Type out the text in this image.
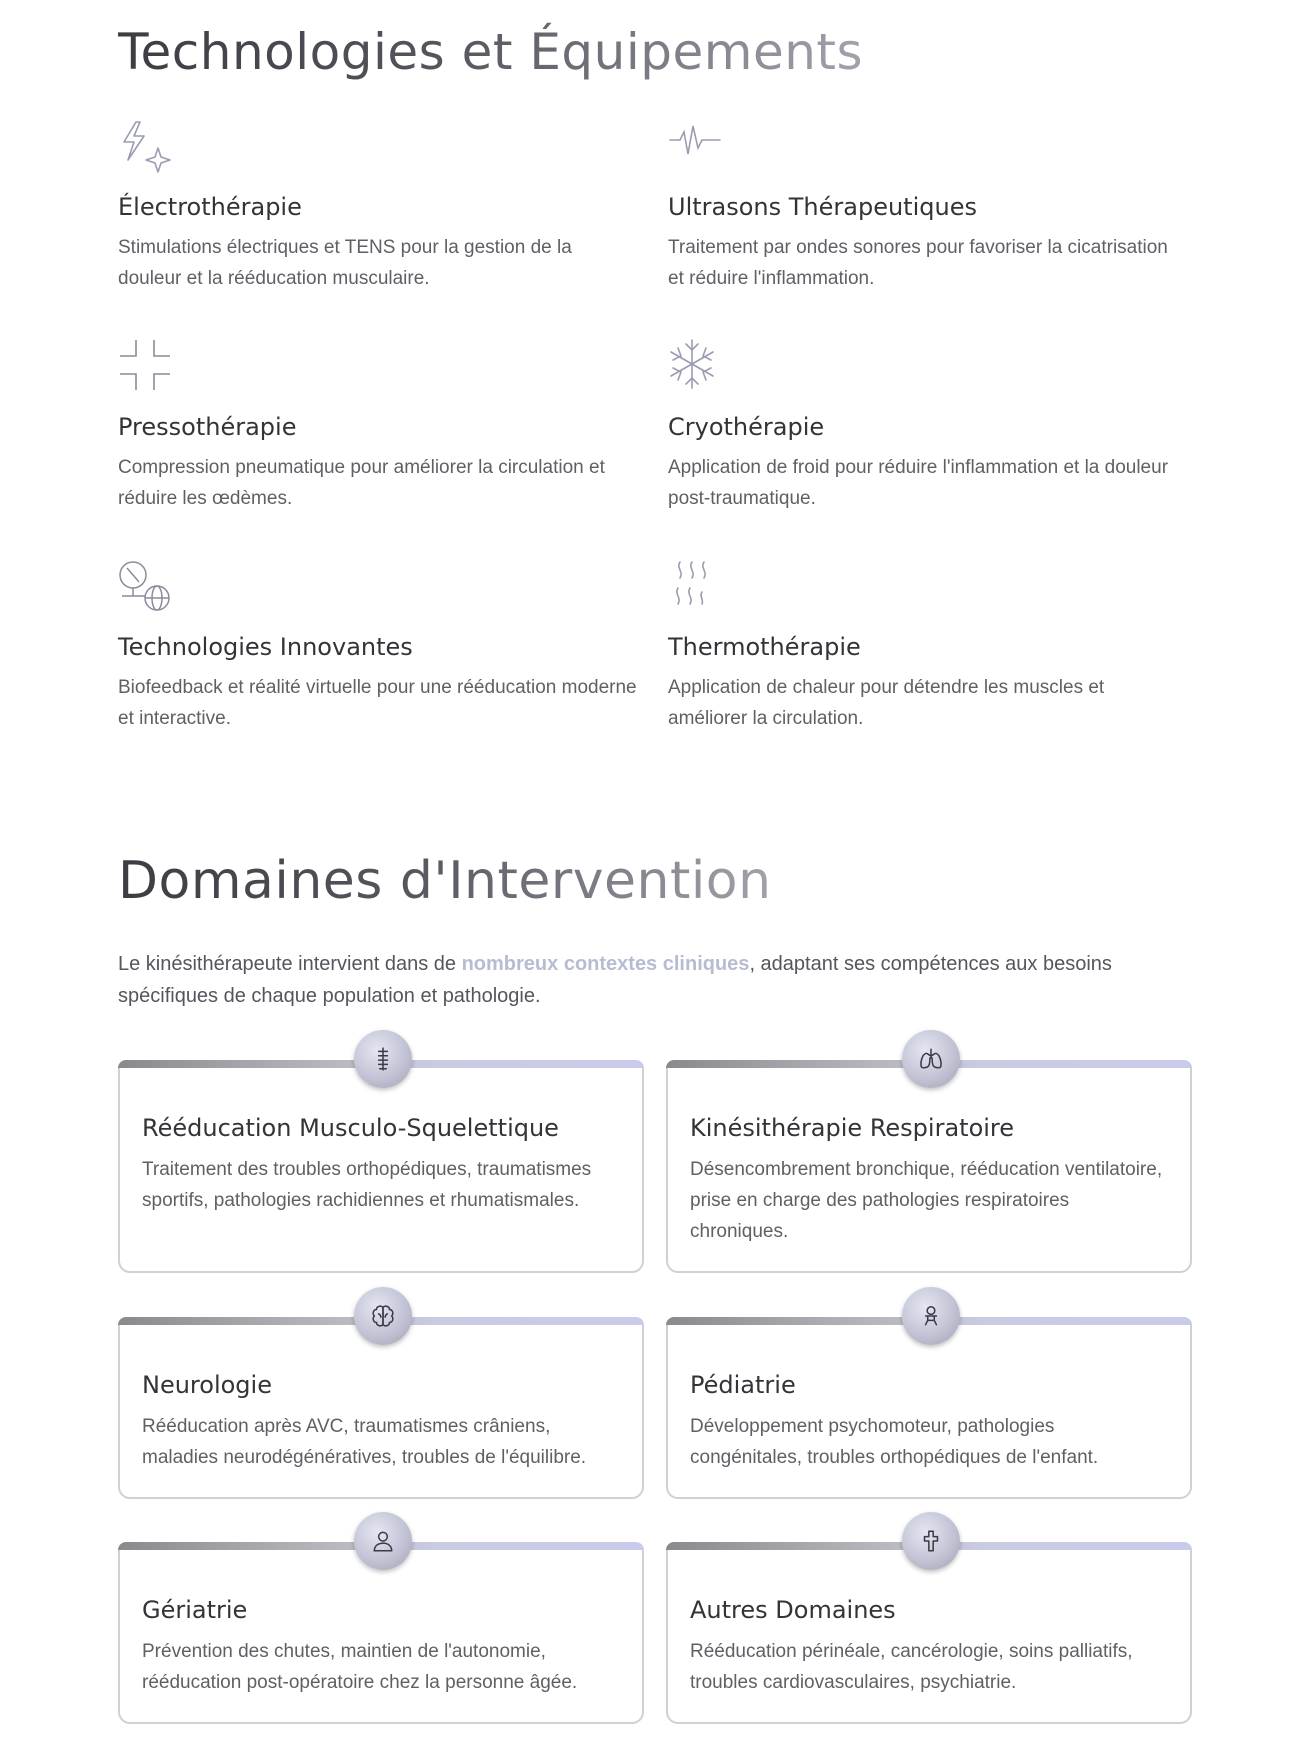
Technologies et Équipements
Électrothérapie
Stimulations électriques et TENS pour la gestion de la douleur et la rééducation musculaire.
Ultrasons Thérapeutiques
Traitement par ondes sonores pour favoriser la cicatrisation et réduire l'inflammation.
Pressothérapie
Compression pneumatique pour améliorer la circulation et réduire les œdèmes.
Cryothérapie
Application de froid pour réduire l'inflammation et la douleur post-traumatique.
Technologies Innovantes
Biofeedback et réalité virtuelle pour une rééducation moderne et interactive.
Thermothérapie
Application de chaleur pour détendre les muscles et améliorer la circulation.
Domaines d'Intervention
Le kinésithérapeute intervient dans de nombreux contextes cliniques, adaptant ses compétences aux besoins spécifiques de chaque population et pathologie.
Rééducation Musculo-Squelettique
Traitement des troubles orthopédiques, traumatismes sportifs, pathologies rachidiennes et rhumatismales.
Kinésithérapie Respiratoire
Désencombrement bronchique, rééducation ventilatoire, prise en charge des pathologies respiratoires chroniques.
Neurologie
Rééducation après AVC, traumatismes crâniens, maladies neurodégénératives, troubles de l'équilibre.
Pédiatrie
Développement psychomoteur, pathologies congénitales, troubles orthopédiques de l'enfant.
Gériatrie
Prévention des chutes, maintien de l'autonomie, rééducation post-opératoire chez la personne âgée.
Autres Domaines
Rééducation périnéale, cancérologie, soins palliatifs, troubles cardiovasculaires, psychiatrie.
